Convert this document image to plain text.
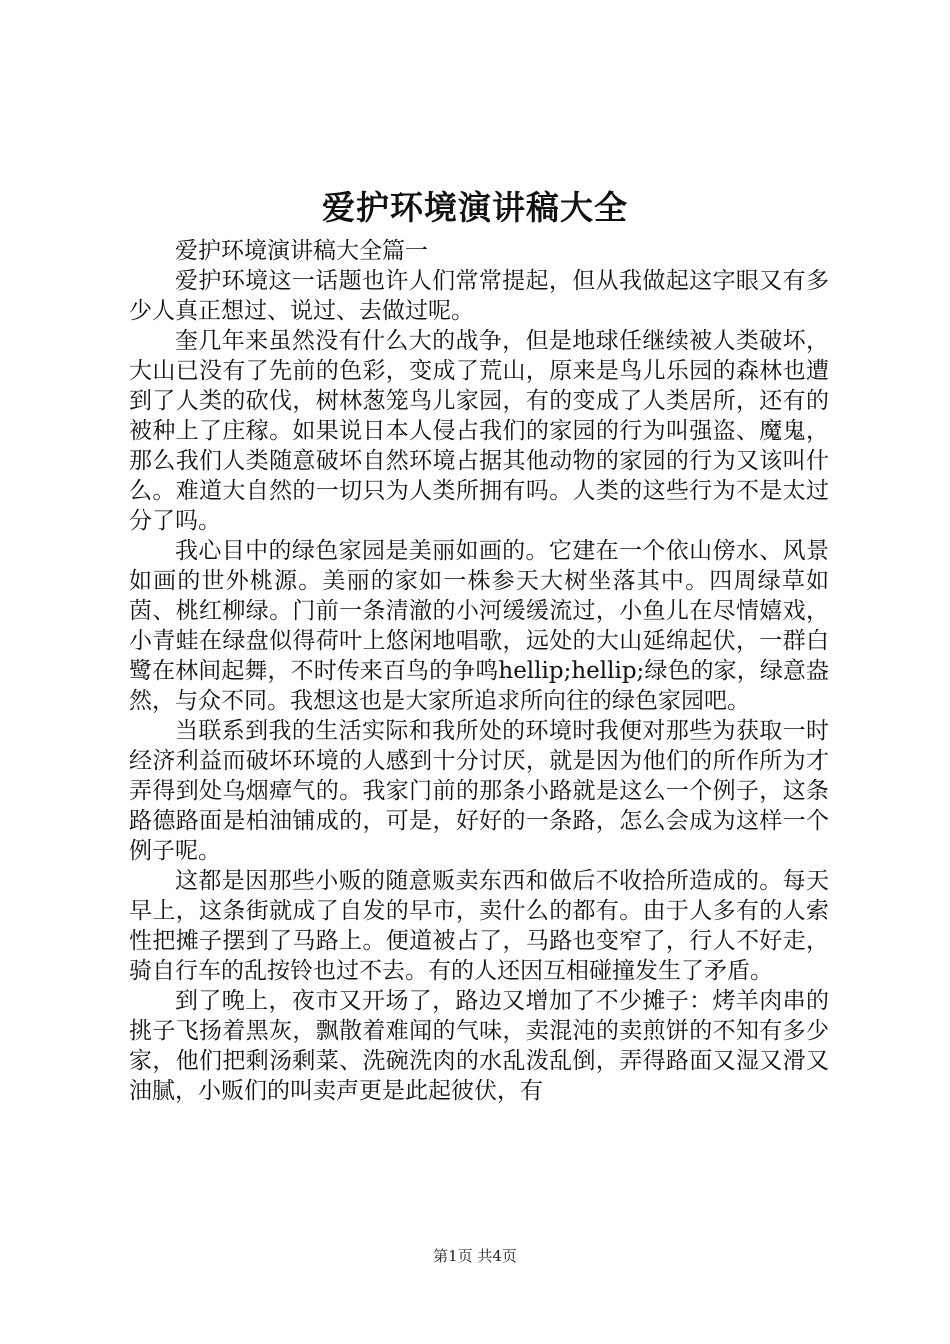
爱护环境演讲稿大全

爱护环境演讲稿大全篇一

爱护环境这一话题也许人们常常提起，但从我做起这字眼又有多少人真正想过、说过、去做过呢。

奎几年来虽然没有什么大的战争，但是地球任继续被人类破坏，大山已没有了先前的色彩，变成了荒山，原来是鸟儿乐园的森林也遭到了人类的砍伐，树林葱笼鸟儿家园，有的变成了人类居所，还有的被种上了庄稼。如果说日本人侵占我们的家园的行为叫强盗、魔鬼，那么我们人类随意破坏自然环境占据其他动物的家园的行为又该叫什么。难道大自然的一切只为人类所拥有吗。人类的这些行为不是太过分了吗。

我心目中的绿色家园是美丽如画的。它建在一个依山傍水、风景如画的世外桃源。美丽的家如一株参天大树坐落其中。四周绿草如茵、桃红柳绿。门前一条清澈的小河缓缓流过，小鱼儿在尽情嬉戏，小青蛙在绿盘似得荷叶上悠闲地唱歌，远处的大山延绵起伏，一群白鹭在林间起舞，不时传来百鸟的争鸣hellip;hellip;绿色的家，绿意盎然，与众不同。我想这也是大家所追求所向往的绿色家园吧。

当联系到我的生活实际和我所处的环境时我便对那些为获取一时经济利益而破坏环境的人感到十分讨厌，就是因为他们的所作所为才弄得到处乌烟瘴气的。我家门前的那条小路就是这么一个例子，这条路德路面是柏油铺成的，可是，好好的一条路，怎么会成为这样一个例子呢。

这都是因那些小贩的随意贩卖东西和做后不收拾所造成的。每天早上，这条街就成了自发的早市，卖什么的都有。由于人多有的人索性把摊子摆到了马路上。便道被占了，马路也变窄了，行人不好走，骑自行车的乱按铃也过不去。有的人还因互相碰撞发生了矛盾。

到了晚上，夜市又开场了，路边又增加了不少摊子：烤羊肉串的挑子飞扬着黑灰，飘散着难闻的气味，卖混沌的卖煎饼的不知有多少家，他们把剩汤剩菜、洗碗洗肉的水乱泼乱倒，弄得路面又湿又滑又油腻，小贩们的叫卖声更是此起彼伏，有

第1页 共4页
